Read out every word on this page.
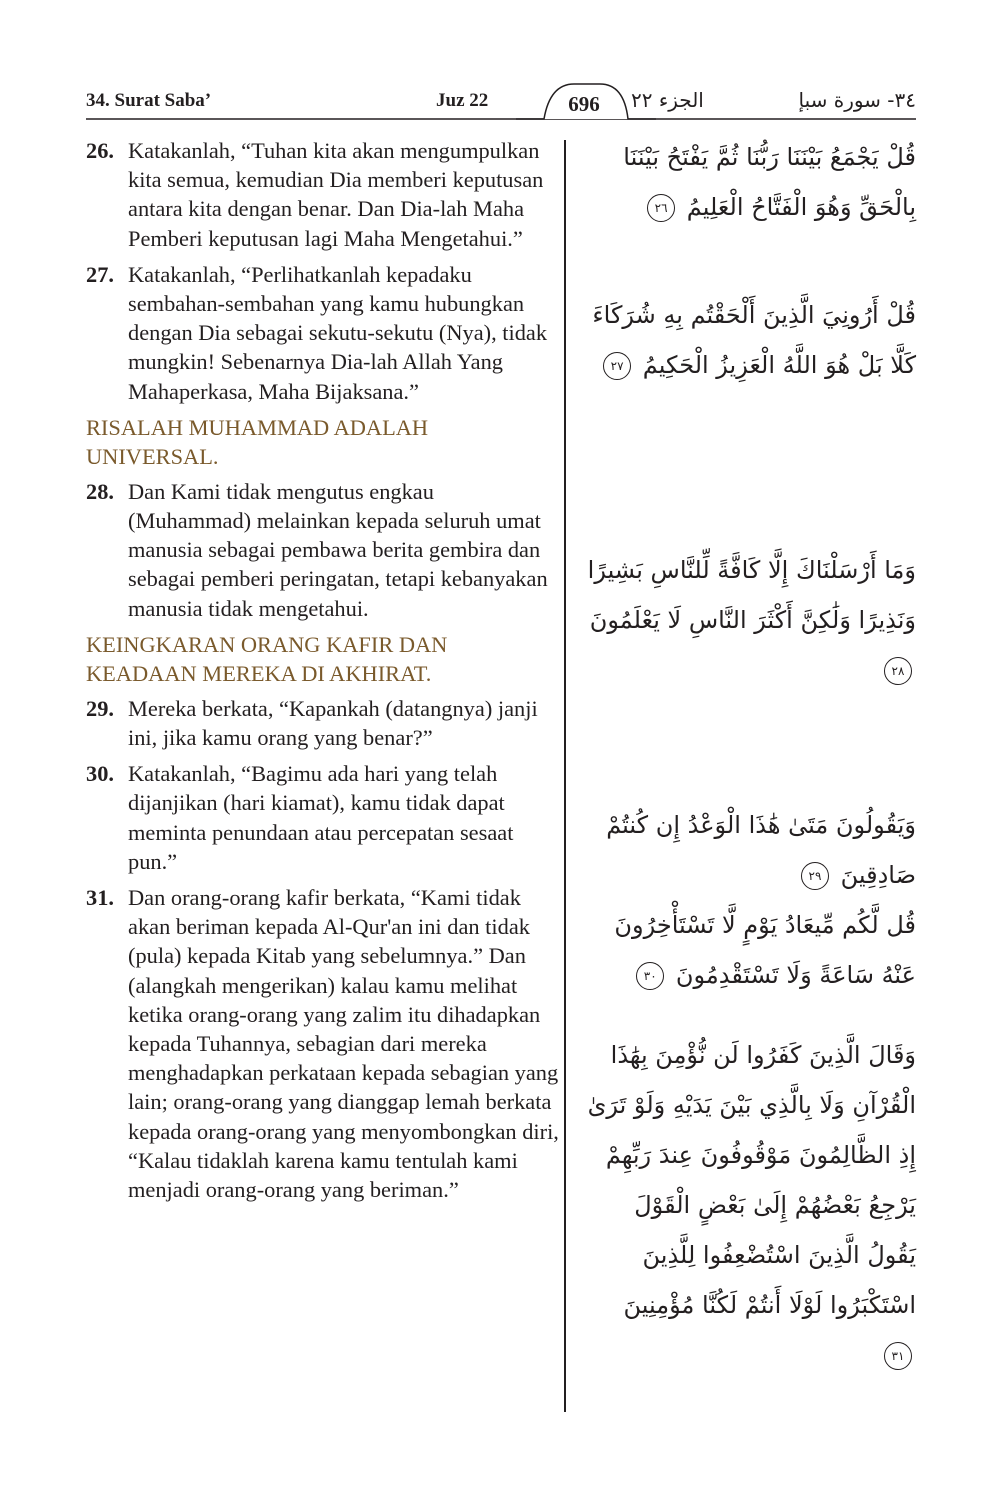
34. Surat Saba’	Juz 22	696	الجزء ٢٢	٣٤- سورة سبإ
26. Katakanlah, “Tuhan kita akan mengumpulkan kita semua, kemudian Dia memberi keputusan antara kita dengan benar. Dan Dia-lah Maha Pemberi keputusan lagi Maha Mengetahui.”
27. Katakanlah, “Perlihatkanlah kepadaku sembahan-sembahan yang kamu hubungkan dengan Dia sebagai sekutu-sekutu (Nya), tidak mungkin! Sebenarnya Dia-lah Allah Yang Mahaperkasa, Maha Bijaksana.”
RISALAH MUHAMMAD ADALAH UNIVERSAL.
28. Dan Kami tidak mengutus engkau (Muhammad) melainkan kepada seluruh umat manusia sebagai pembawa berita gembira dan sebagai pemberi peringatan, tetapi kebanyakan manusia tidak mengetahui.
KEINGKARAN ORANG KAFIR DAN KEADAAN MEREKA DI AKHIRAT.
29. Mereka berkata, “Kapankah (datangnya) janji ini, jika kamu orang yang benar?”
30. Katakanlah, “Bagimu ada hari yang telah dijanjikan (hari kiamat), kamu tidak dapat meminta penundaan atau percepatan sesaat pun.”
31. Dan orang-orang kafir berkata, “Kami tidak akan beriman kepada Al-Qur'an ini dan tidak (pula) kepada Kitab yang sebelumnya.” Dan (alangkah mengerikan) kalau kamu melihat ketika orang-orang yang zalim itu dihadapkan kepada Tuhannya, sebagian dari mereka menghadapkan perkataan kepada sebagian yang lain; orang-orang yang dianggap lemah berkata kepada orang-orang yang menyombongkan diri, “Kalau tidaklah karena kamu tentulah kami menjadi orang-orang yang beriman.”
قُلْ يَجْمَعُ بَيْنَنَا رَبُّنَا ثُمَّ يَفْتَحُ بَيْنَنَا بِالْحَقِّ وَهُوَ الْفَتَّاحُ الْعَلِيمُ ٢٦
قُلْ أَرُونِيَ الَّذِينَ أَلْحَقْتُم بِهِ شُرَكَاءَ كَلَّا بَلْ هُوَ اللَّهُ الْعَزِيزُ الْحَكِيمُ ٢٧
وَمَا أَرْسَلْنَاكَ إِلَّا كَافَّةً لِّلنَّاسِ بَشِيرًا وَنَذِيرًا وَلَٰكِنَّ أَكْثَرَ النَّاسِ لَا يَعْلَمُونَ ٢٨
وَيَقُولُونَ مَتَىٰ هَٰذَا الْوَعْدُ إِن كُنتُمْ صَادِقِينَ ٢٩
قُل لَّكُم مِّيعَادُ يَوْمٍ لَّا تَسْتَأْخِرُونَ عَنْهُ سَاعَةً وَلَا تَسْتَقْدِمُونَ ٣٠
وَقَالَ الَّذِينَ كَفَرُوا لَن نُّؤْمِنَ بِهَٰذَا الْقُرْآنِ وَلَا بِالَّذِي بَيْنَ يَدَيْهِ وَلَوْ تَرَىٰ إِذِ الظَّالِمُونَ مَوْقُوفُونَ عِندَ رَبِّهِمْ يَرْجِعُ بَعْضُهُمْ إِلَىٰ بَعْضٍ الْقَوْلَ يَقُولُ الَّذِينَ اسْتُضْعِفُوا لِلَّذِينَ اسْتَكْبَرُوا لَوْلَا أَنتُمْ لَكُنَّا مُؤْمِنِينَ ٣١
